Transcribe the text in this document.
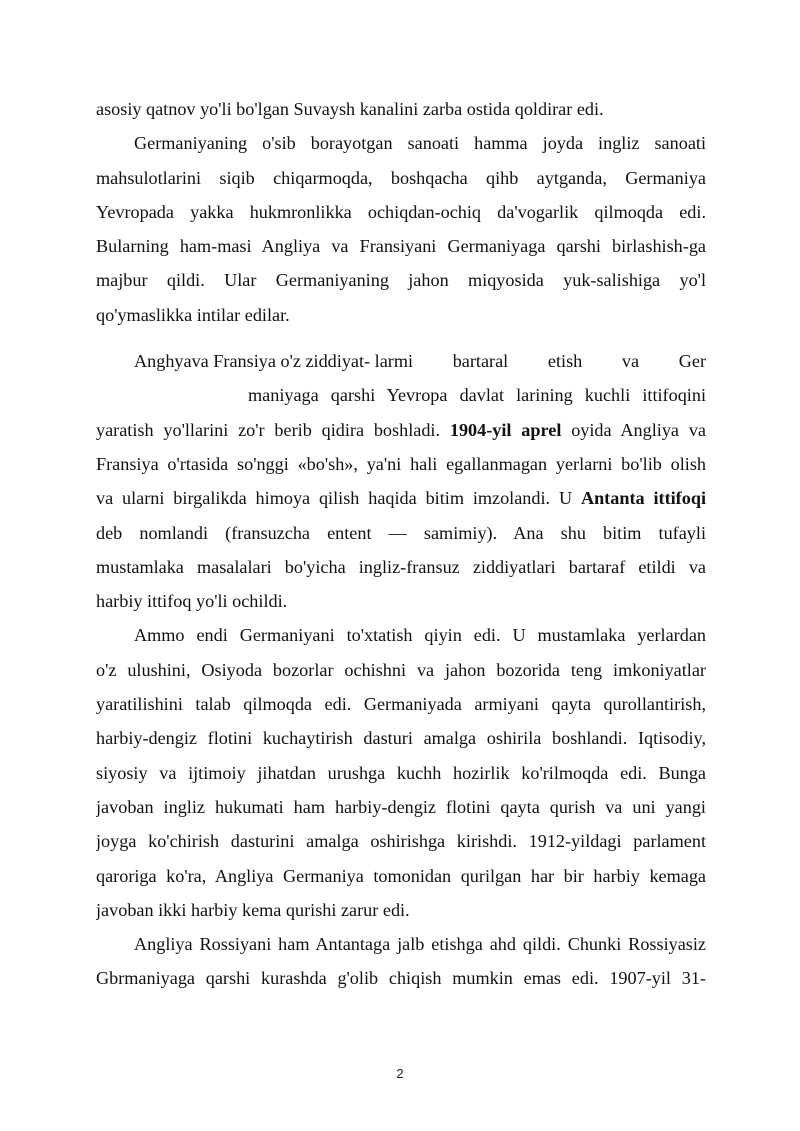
asosiy qatnov yo'li bo'lgan Suvaysh kanalini zarba ostida qoldirar edi.
Germaniyaning o'sib borayotgan sanoati hamma joyda ingliz sanoati
mahsulotlarini siqib chiqarmoqda, boshqacha qihb aytganda, Germaniya
Yevropada yakka hukmronlikka ochiqdan-ochiq da'vogarlik qilmoqda edi.
Bularning ham-masi Angliya va Fransiyani Germaniyaga qarshi birlashish-ga
majbur qildi. Ular Germaniyaning jahon miqyosida yuk-salishiga yo'l
qo'ymaslikka intilar edilar.
Anghyava Fransiya o'z ziddiyat- larmi bartaral etish va Ger
maniyaga qarshi Yevropa davlat larining kuchli ittifoqini
yaratish yo'llarini zo'r berib qidira boshladi. 1904-yil aprel oyida Angliya va
Fransiya o'rtasida so'nggi «bo'sh», ya'ni hali egallanmagan yerlarni bo'lib olish
va ularni birgalikda himoya qilish haqida bitim imzolandi. U Antanta ittifoqi
deb nomlandi (fransuzcha entent — samimiy). Ana shu bitim tufayli
mustamlaka masalalari bo'yicha ingliz-fransuz ziddiyatlari bartaraf etildi va
harbiy ittifoq yo'li ochildi.
Ammo endi Germaniyani to'xtatish qiyin edi. U mustamlaka yerlardan
o'z ulushini, Osiyoda bozorlar ochishni va jahon bozorida teng imkoniyatlar
yaratilishini talab qilmoqda edi. Germaniyada armiyani qayta qurollantirish,
harbiy-dengiz flotini kuchaytirish dasturi amalga oshirila boshlandi. Iqtisodiy,
siyosiy va ijtimoiy jihatdan urushga kuchh hozirlik ko'rilmoqda edi. Bunga
javoban ingliz hukumati ham harbiy-dengiz flotini qayta qurish va uni yangi
joyga ko'chirish dasturini amalga oshirishga kirishdi. 1912-yildagi parlament
qaroriga ko'ra, Angliya Germaniya tomonidan qurilgan har bir harbiy kemaga
javoban ikki harbiy kema qurishi zarur edi.
Angliya Rossiyani ham Antantaga jalb etishga ahd qildi. Chunki Rossiyasiz
Gbrmaniyaga qarshi kurashda g'olib chiqish mumkin emas edi. 1907-yil 31-
2
